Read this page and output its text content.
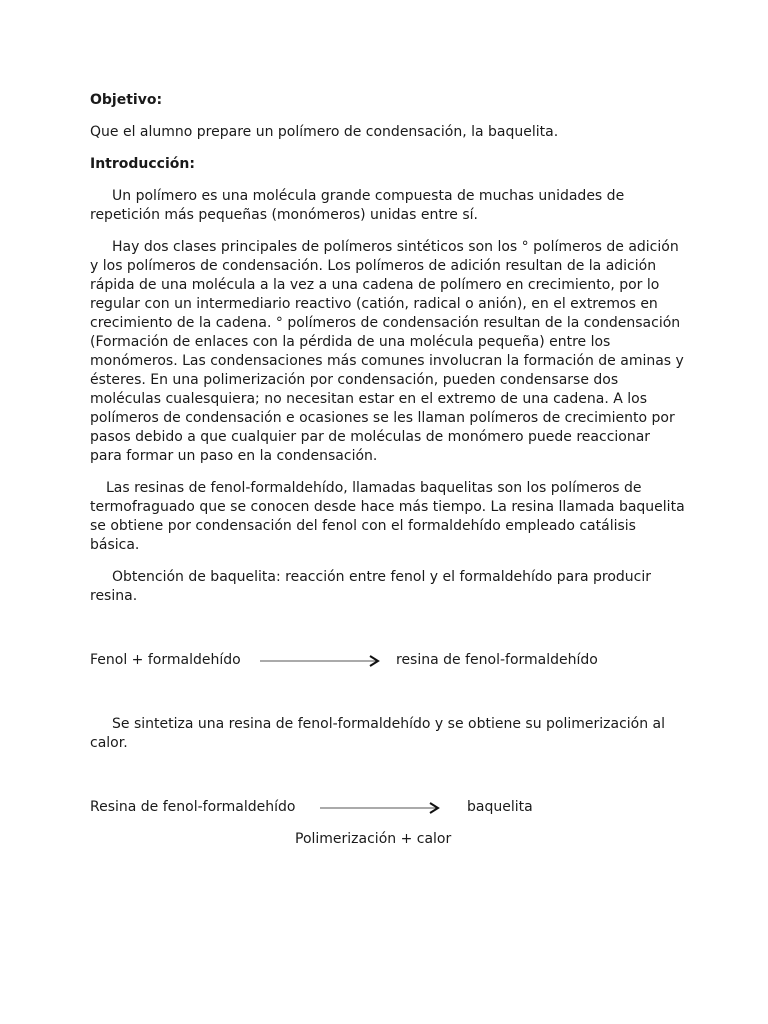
Objetivo:

Que el alumno prepare un polímero de condensación, la baquelita.

Introducción:

Un polímero es una molécula grande compuesta de muchas unidades de
repetición más pequeñas (monómeros) unidas entre sí.

Hay dos clases principales de polímeros sintéticos son los ° polímeros de adición
y los polímeros de condensación. Los polímeros de adición resultan de la adición
rápida de una molécula a la vez a una cadena de polímero en crecimiento, por lo
regular con un intermediario reactivo (catión, radical o anión), en el extremos en
crecimiento de la cadena. ° polímeros de condensación resultan de la condensación
(Formación de enlaces con la pérdida de una molécula pequeña) entre los
monómeros. Las condensaciones más comunes involucran la formación de aminas y
ésteres. En una polimerización por condensación, pueden condensarse dos
moléculas cualesquiera; no necesitan estar en el extremo de una cadena. A los
polímeros de condensación e ocasiones se les llaman polímeros de crecimiento por
pasos debido a que cualquier par de moléculas de monómero puede reaccionar
para formar un paso en la condensación.

Las resinas de fenol-formaldehído, llamadas baquelitas son los polímeros de
termofraguado que se conocen desde hace más tiempo. La resina llamada baquelita
se obtiene por condensación del fenol con el formaldehído empleado catálisis
básica.

Obtención de baquelita: reacción entre fenol y el formaldehído para producir
resina.

Fenol + formaldehído	resina de fenol-formaldehído

Se sintetiza una resina de fenol-formaldehído y se obtiene su polimerización al
calor.

Resina de fenol-formaldehído	baquelita
Polimerización + calor
